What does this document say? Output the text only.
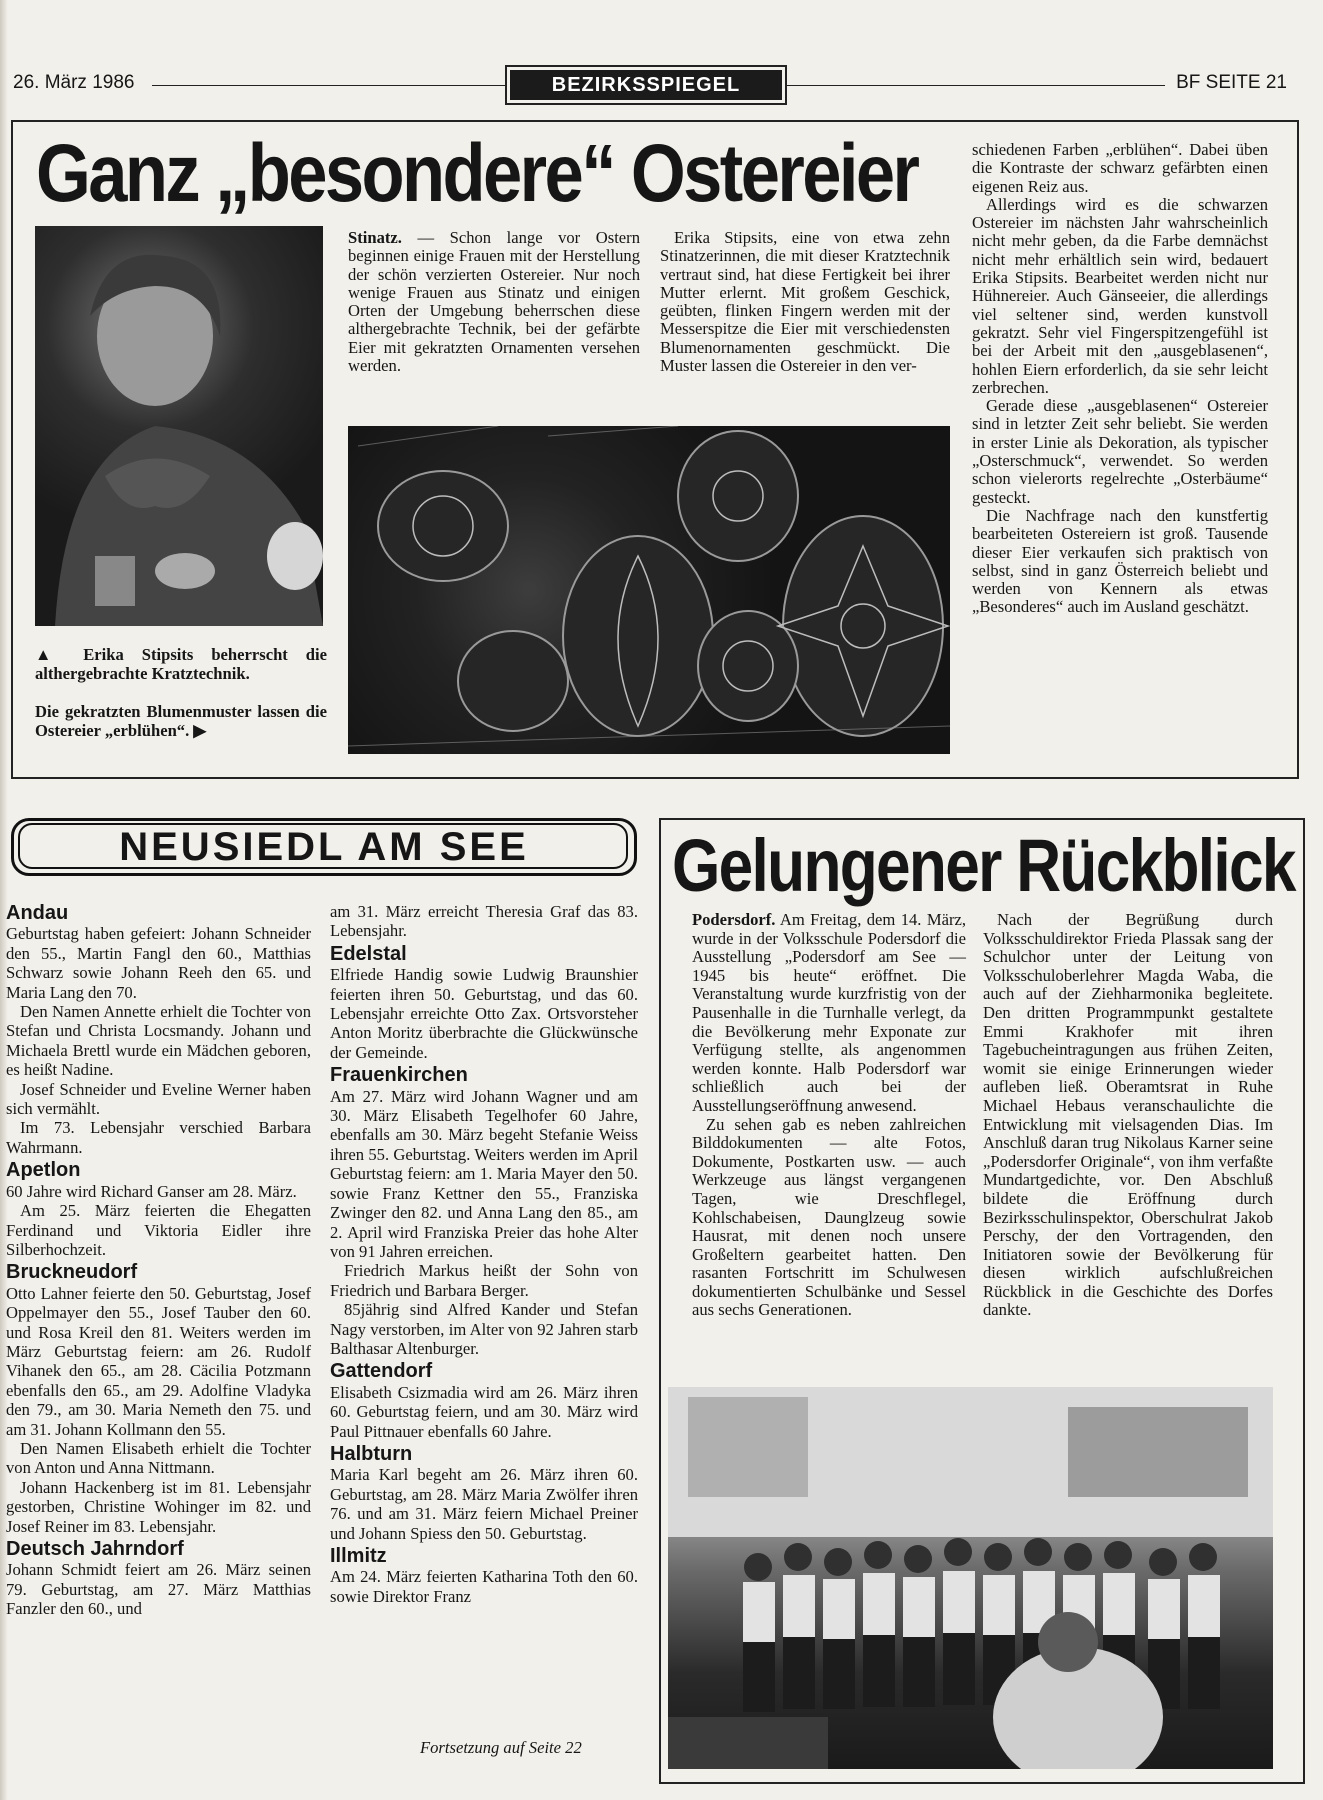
26. März 1986	BEZIRKSSPIEGEL	BF SEITE 21
Ganz „besondere“ Ostereier
▲ Erika Stipsits beherrscht die althergebrachte Kratztechnik.
Die gekratzten Blumenmuster lassen die Ostereier „erblühen“. ▶

Stinatz. — Schon lange vor Ostern beginnen einige Frauen mit der Herstellung der schön verzierten Ostereier. Nur noch wenige Frauen aus Stinatz und einigen Orten der Umgebung beherrschen diese althergebrachte Technik, bei der gefärbte Eier mit gekratzten Ornamenten versehen werden.

Erika Stipsits, eine von etwa zehn Stinatzerinnen, die mit dieser Kratztechnik vertraut sind, hat diese Fertigkeit bei ihrer Mutter erlernt. Mit großem Geschick, geübten, flinken Fingern werden mit der Messerspitze die Eier mit verschiedensten Blumenornamenten geschmückt. Die Muster lassen die Ostereier in den ver-

schiedenen Farben „erblühen“. Dabei üben die Kontraste der schwarz gefärbten einen eigenen Reiz aus.

Allerdings wird es die schwarzen Ostereier im nächsten Jahr wahrscheinlich nicht mehr geben, da die Farbe demnächst nicht mehr erhältlich sein wird, bedauert Erika Stipsits. Bearbeitet werden nicht nur Hühnereier. Auch Gänseeier, die allerdings viel seltener sind, werden kunstvoll gekratzt. Sehr viel Fingerspitzengefühl ist bei der Arbeit mit den „ausgeblasenen“, hohlen Eiern erforderlich, da sie sehr leicht zerbrechen.

Gerade diese „ausgeblasenen“ Ostereier sind in letzter Zeit sehr beliebt. Sie werden in erster Linie als Dekoration, als typischer „Osterschmuck“, verwendet. So werden schon vielerorts regelrechte „Osterbäume“ gesteckt.

Die Nachfrage nach den kunstfertig bearbeiteten Ostereiern ist groß. Tausende dieser Eier verkaufen sich praktisch von selbst, sind in ganz Österreich beliebt und werden von Kennern als etwas „Besonderes“ auch im Ausland geschätzt.

NEUSIEDL AM SEE
Andau

Geburtstag haben gefeiert: Johann Schneider den 55., Martin Fangl den 60., Matthias Schwarz sowie Johann Reeh den 65. und Maria Lang den 70.

Den Namen Annette erhielt die Tochter von Stefan und Christa Locsmandy. Johann und Michaela Brettl wurde ein Mädchen geboren, es heißt Nadine.

Josef Schneider und Eveline Werner haben sich vermählt.

Im 73. Lebensjahr verschied Barbara Wahrmann.

Apetlon

60 Jahre wird Richard Ganser am 28. März.

Am 25. März feierten die Ehegatten Ferdinand und Viktoria Eidler ihre Silberhochzeit.

Bruckneudorf

Otto Lahner feierte den 50. Geburtstag, Josef Oppelmayer den 55., Josef Tauber den 60. und Rosa Kreil den 81. Weiters werden im März Geburtstag feiern: am 26. Rudolf Vihanek den 65., am 28. Cäcilia Potzmann ebenfalls den 65., am 29. Adolfine Vladyka den 79., am 30. Maria Nemeth den 75. und am 31. Johann Kollmann den 55.

Den Namen Elisabeth erhielt die Tochter von Anton und Anna Nittmann.

Johann Hackenberg ist im 81. Lebensjahr gestorben, Christine Wohinger im 82. und Josef Reiner im 83. Lebensjahr.

Deutsch Jahrndorf

Johann Schmidt feiert am 26. März seinen 79. Geburtstag, am 27. März Matthias Fanzler den 60., und

am 31. März erreicht Theresia Graf das 83. Lebensjahr.

Edelstal

Elfriede Handig sowie Ludwig Braunshier feierten ihren 50. Geburtstag, und das 60. Lebensjahr erreichte Otto Zax. Ortsvorsteher Anton Moritz überbrachte die Glückwünsche der Gemeinde.

Frauenkirchen

Am 27. März wird Johann Wagner und am 30. März Elisabeth Tegelhofer 60 Jahre, ebenfalls am 30. März begeht Stefanie Weiss ihren 55. Geburtstag. Weiters werden im April Geburtstag feiern: am 1. Maria Mayer den 50. sowie Franz Kettner den 55., Franziska Zwinger den 82. und Anna Lang den 85., am 2. April wird Franziska Preier das hohe Alter von 91 Jahren erreichen.

Friedrich Markus heißt der Sohn von Friedrich und Barbara Berger.

85jährig sind Alfred Kander und Stefan Nagy verstorben, im Alter von 92 Jahren starb Balthasar Altenburger.

Gattendorf

Elisabeth Csizmadia wird am 26. März ihren 60. Geburtstag feiern, und am 30. März wird Paul Pittnauer ebenfalls 60 Jahre.

Halbturn

Maria Karl begeht am 26. März ihren 60. Geburtstag, am 28. März Maria Zwölfer ihren 76. und am 31. März feiern Michael Preiner und Johann Spiess den 50. Geburtstag.

Illmitz

Am 24. März feierten Katharina Toth den 60. sowie Direktor Franz

Fortsetzung auf Seite 22
Gelungener Rückblick

Podersdorf. Am Freitag, dem 14. März, wurde in der Volksschule Podersdorf die Ausstellung „Podersdorf am See — 1945 bis heute“ eröffnet. Die Veranstaltung wurde kurzfristig von der Pausenhalle in die Turnhalle verlegt, da die Bevölkerung mehr Exponate zur Verfügung stellte, als angenommen werden konnte. Halb Podersdorf war schließlich auch bei der Ausstellungseröffnung anwesend.

Zu sehen gab es neben zahlreichen Bilddokumenten — alte Fotos, Dokumente, Postkarten usw. — auch Werkzeuge aus längst vergangenen Tagen, wie Dreschflegel, Kohlschabeisen, Daunglzeug sowie Hausrat, mit denen noch unsere Großeltern gearbeitet hatten. Den rasanten Fortschritt im Schulwesen dokumentierten Schulbänke und Sessel aus sechs Generationen.

Nach der Begrüßung durch Volksschuldirektor Frieda Plassak sang der Schulchor unter der Leitung von Volksschuloberlehrer Magda Waba, die auch auf der Ziehharmonika begleitete. Den dritten Programmpunkt gestaltete Emmi Krakhofer mit ihren Tagebucheintragungen aus frühen Zeiten, womit sie einige Erinnerungen wieder aufleben ließ. Oberamtsrat in Ruhe Michael Hebaus veranschaulichte die Entwicklung mit vielsagenden Dias. Im Anschluß daran trug Nikolaus Karner seine „Podersdorfer Originale“, von ihm verfaßte Mundartgedichte, vor. Den Abschluß bildete die Eröffnung durch Bezirksschulinspektor, Oberschulrat Jakob Perschy, der den Vortragenden, den Initiatoren sowie der Bevölkerung für diesen wirklich aufschlußreichen Rückblick in die Geschichte des Dorfes dankte.
